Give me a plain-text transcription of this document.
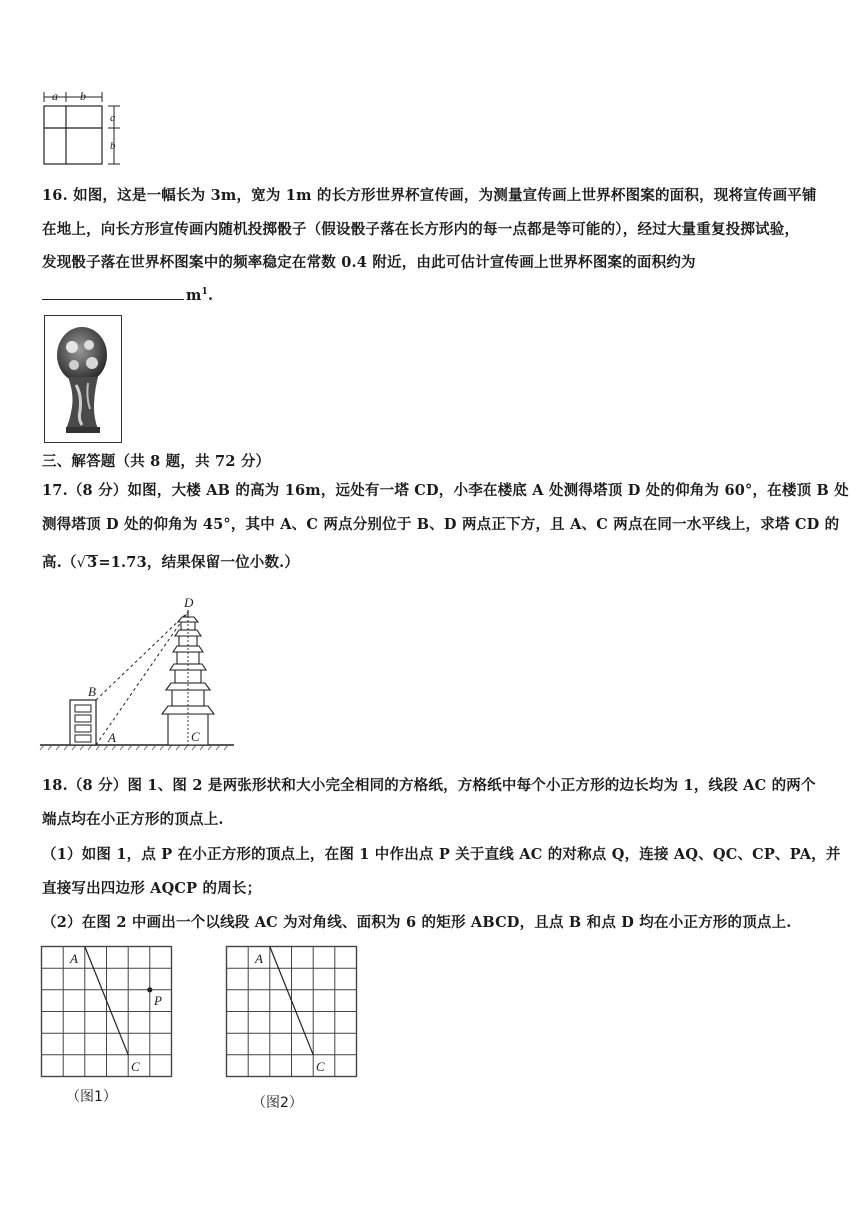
a b
a
b
16. 如图，这是一幅长为 3m，宽为 1m 的长方形世界杯宣传画，为测量宣传画上世界杯图案的面积，现将宣传画平铺
在地上，向长方形宣传画内随机投掷骰子（假设骰子落在长方形内的每一点都是等可能的），经过大量重复投掷试验，
发现骰子落在世界杯图案中的频率稳定在常数 0.4 附近，由此可估计宣传画上世界杯图案的面积约为
$m^1$.
三、解答题（共 8 题，共 72 分）
17.（8 分）如图，大楼 AB 的高为 16m，远处有一塔 CD，小李在楼底 A 处测得塔顶 D 处的仰角为 60°，在楼顶 B 处
测得塔顶 D 处的仰角为 45°，其中 A、C 两点分别位于 B、D 两点正下方，且 A、C 两点在同一水平线上，求塔 CD 的
高.（√3=1.73，结果保留一位小数.）
D
B
A	C
18.（8 分）图 1、图 2 是两张形状和大小完全相同的方格纸，方格纸中每个小正方形的边长均为 1，线段 AC 的两个
端点均在小正方形的顶点上.
（1）如图 1，点 P 在小正方形的顶点上，在图 1 中作出点 P 关于直线 AC 的对称点 Q，连接 AQ、QC、CP、PA，并
直接写出四边形 AQCP 的周长；
（2）在图 2 中画出一个以线段 AC 为对角线、面积为 6 的矩形 ABCD，且点 B 和点 D 均在小正方形的顶点上.
A
C
P
（图1）
A
C
（图2）
